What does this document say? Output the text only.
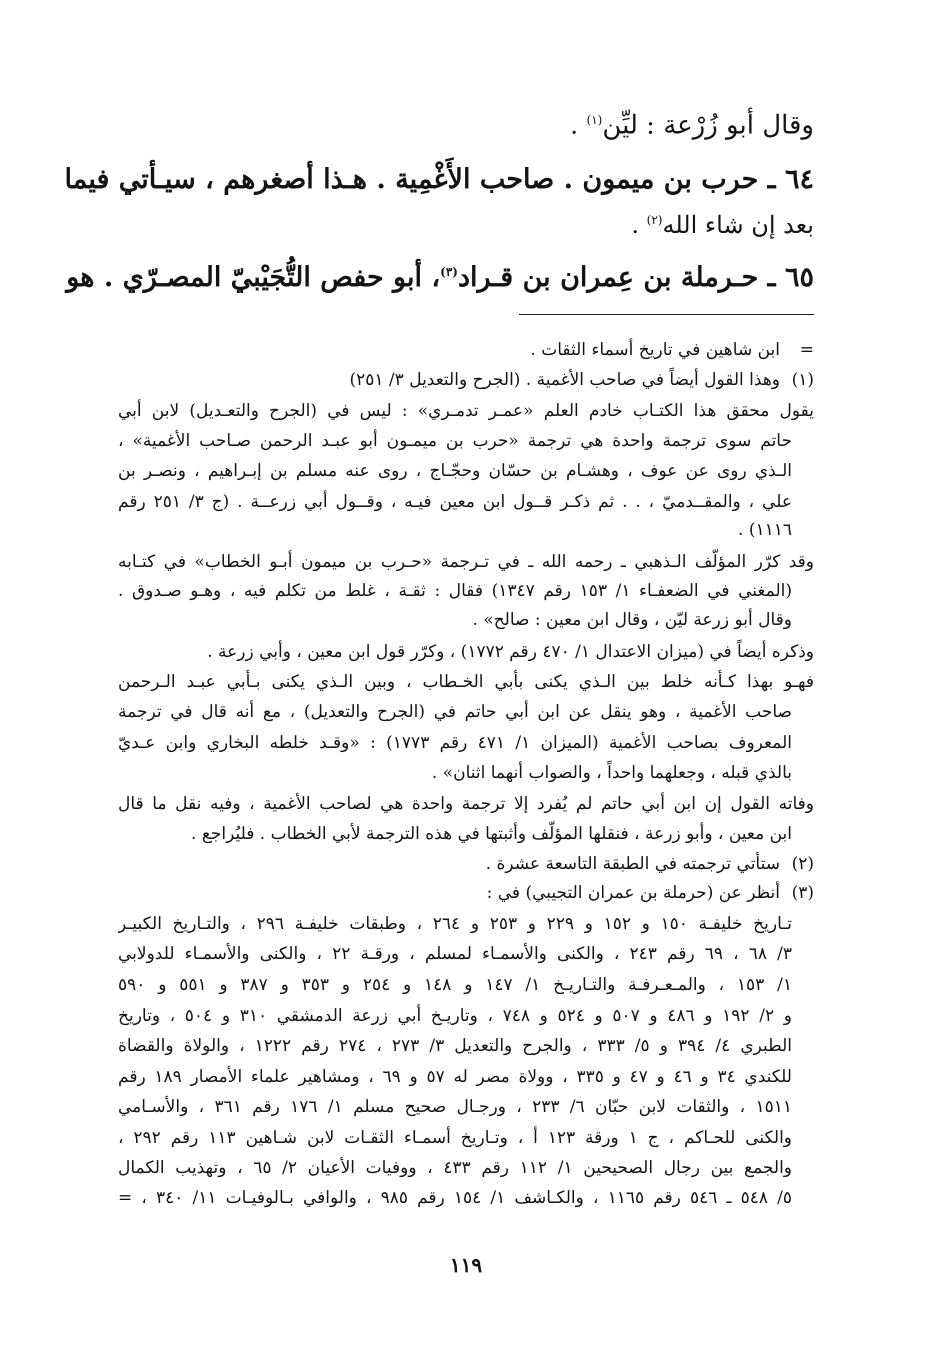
وقال أبو زُرْعة : ليِّن$^{(١)}$ .
٦٤ ـ حرب بن ميمون . صاحب الأَغْمِية . هـذا أصغرهم ، سيـأتي فيما
بعد إن شاء الله$^{(٢)}$ .
٦٥ ـ حـرملة بن عِمران بن قـراد$^{(٣)}$، أبو حفص التُّجَيْبيّ المصـرّي . هو
=
ابن شاهين في تاريخ أسماء الثقات .
(١)
وهذا القول أيضاً في صاحب الأغمية . (الجرح والتعديل ٣/ ٢٥١)
يقول محقق هذا الكتـاب خادم العلم «عمـر تدمـري» : ليس في (الجرح والتعـديل) لابن أبي
حاتم سوى ترجمة واحدة هي ترجمة «حرب بن ميمـون أبو عبـد الرحمن صـاحب الأغمية» ،
الـذي روى عن عوف ، وهشـام بن حسّان وحجّـاج ، روى عنه مسلم بن إبـراهيم ، ونصـر بن
علي ، والمقــدميّ ، . . ثم ذكـر قــول ابن معين فيـه ، وقــول أبي زرعــة . (ج ٣/ ٢٥١ رقم
١١١٦) .
وقد كرّر المؤلّف الـذهبي ـ رحمه الله ـ في تـرجمة «حـرب بن ميمون أبـو الخطاب» في كتـابه
(المغني في الضعفـاء ١/ ١٥٣ رقم ١٣٤٧) فقال : ثقـة ، غلط من تكلم فيه ، وهـو صـدوق .
وقال أبو زرعة ليّن ، وقال ابن معين : صالح» .
وذكره أيضاً في (ميزان الاعتدال ١/ ٤٧٠ رقم ١٧٧٢) ، وكرّر قول ابن معين ، وأبي زرعة .
فهـو بهذا كـأنه خلط بين الـذي يكنى بأبي الخـطاب ، وبين الـذي يكنى بـأبي عبـد الـرحمن
صاحب الأغمية ، وهو ينقل عن ابن أبي حاتم في (الجرح والتعديل) ، مع أنه قال في ترجمة
المعروف بصاحب الأغمية (الميزان ١/ ٤٧١ رقم ١٧٧٣) : «وقـد خلطه البخاري وابن عـديّ
بالذي قبله ، وجعلهما واحداً ، والصواب أنهما اثنان» .
وفاته القول إن ابن أبي حاتم لم يُفرد إلا ترجمة واحدة هي لصاحب الأغمية ، وفيه نقل ما قال
ابن معين ، وأبو زرعة ، فنقلها المؤلّف وأثبتها في هذه الترجمة لأبي الخطاب . فليُراجع .
(٢)
ستأتي ترجمته في الطبقة التاسعة عشرة .
(٣)
أنظر عن (حرملة بن عمران التجيبي) في :
تـاريخ خليفـة ١٥٠ و ١٥٢ و ٢٢٩ و ٢٥٣ و ٢٦٤ ، وطبقات خليفـة ٢٩٦ ، والتـاريخ الكبيـر
٣/ ٦٨ ، ٦٩ رقم ٢٤٣ ، والكنى والأسمـاء لمسلم ، ورقـة ٢٢ ، والكنى والأسمـاء للدولابي
١/ ١٥٣ ، والمـعـرفـة والتـاريـخ ١/ ١٤٧ و ١٤٨ و ٢٥٤ و ٣٥٣ و ٣٨٧ و ٥٥١ و ٥٩٠
و ٢/ ١٩٢ و ٤٨٦ و ٥٠٧ و ٥٢٤ و ٧٤٨ ، وتاريـخ أبي زرعة الدمشقي ٣١٠ و ٥٠٤ ، وتاريخ
الطبري ٤/ ٣٩٤ و ٥/ ٣٣٣ ، والجرح والتعديل ٣/ ٢٧٣ ، ٢٧٤ رقم ١٢٢٢ ، والولاة والقضاة
للكندي ٣٤ و ٤٦ و ٤٧ و ٣٣٥ ، وولاة مصر له ٥٧ و ٦٩ ، ومشاهير علماء الأمصار ١٨٩ رقم
١٥١١ ، والثقات لابن حبّان ٦/ ٢٣٣ ، ورجـال صحيح مسلم ١/ ١٧٦ رقم ٣٦١ ، والأسـامي
والكنى للحـاكم ، ج ١ ورقة ١٢٣ أ ، وتـاريخ أسمـاء الثقـات لابن شـاهين ١١٣ رقم ٢٩٢ ،
والجمع بين رجال الصحيحين ١/ ١١٢ رقم ٤٣٣ ، ووفيات الأعيان ٢/ ٦٥ ، وتهذيب الكمال
٥/ ٥٤٨ ـ ٥٤٦ رقم ١١٦٥ ، والكـاشف ١/ ١٥٤ رقم ٩٨٥ ، والوافي بـالوفيـات ١١/ ٣٤٠ ، =
١١٩
